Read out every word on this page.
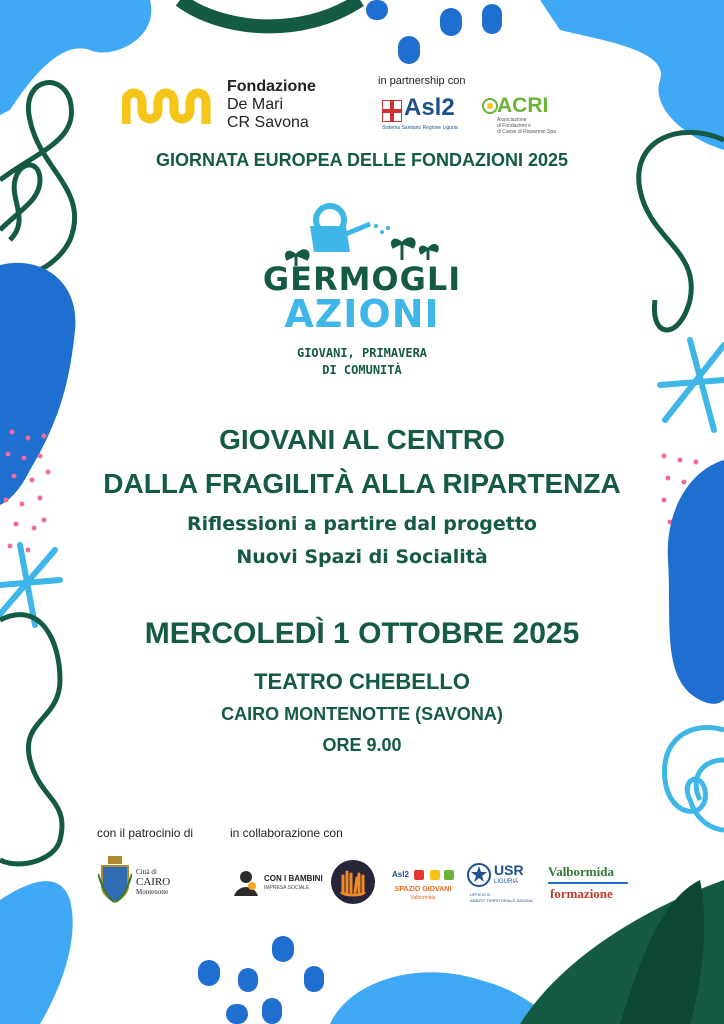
Fondazione
De Mari
CR Savona
in partnership con
Asl2
Sistema Sanitario Regione Liguria
ACRI
Associazione
di Fondazioni e
di Casse di Risparmio Spa
GIORNATA EUROPEA DELLE FONDAZIONI 2025
GERMOGLI
AZIONI
GIOVANI, PRIMAVERA
DI COMUNITÀ
GIOVANI AL CENTRO
DALLA FRAGILITÀ ALLA RIPARTENZA
Riflessioni a partire dal progetto
Nuovi Spazi di Socialità
MERCOLEDÌ 1 OTTOBRE 2025
TEATRO CHEBELLO
CAIRO MONTENOTTE (SAVONA)
ORE 9.00
con il patrocinio di	in collaborazione con
Città di
CAIRO
Montenotte
CON I BAMBINI
IMPRESA SOCIALE
Asl2
SPAZIO GIOVANI
Valbormida
USR
LIGURIA
UFFICIO III
AMBITO TERRITORIALE SAVONA
Valbormida
formazione
